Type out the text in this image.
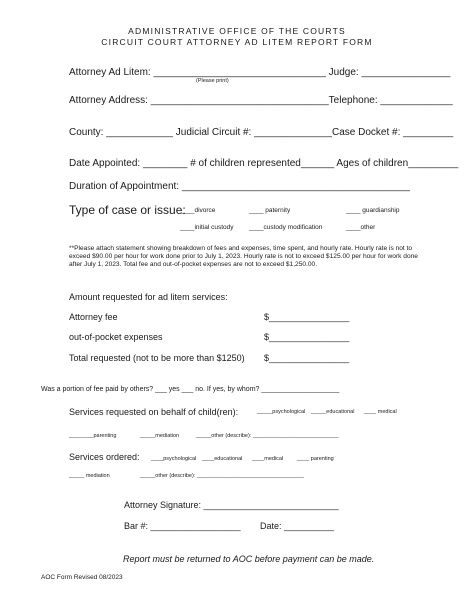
ADMINISTRATIVE OFFICE OF THE COURTS
CIRCUIT COURT ATTORNEY AD LITEM REPORT FORM
Attorney Ad Litem: _______________________________ Judge: ________________
(Please print)
Attorney Address: ________________________________Telephone: _____________
County: ____________ Judicial Circuit #: ______________Case Docket #: _________
Date Appointed: ________ # of children represented______ Ages of children_________
Duration of Appointment: _________________________________________
Type of case or issue:
____divorce	____ paternity	____ guardianship
____initial custody ____custody modification	____other
**Please attach statement showing breakdown of fees and expenses, time spent, and hourly rate. Hourly rate is not to exceed $90.00 per hour for work done prior to July 1, 2023. Hourly rate is not to exceed $125.00 per hour for work done after July 1, 2023. Total fee and out-of-pocket expenses are not to exceed $1,250.00.
Amount requested for ad litem services:
Attorney fee	$________________
out-of-pocket expenses	$________________
Total requested (not to be more than $1250) $________________
Was a portion of fee paid by others? ___ yes ___ no. If yes, by whom? ____________________
Services requested on behalf of child(ren):	_____psychological _____educational ____ medical
________parenting	_____mediation	_____other (describe): ____________________________
Services ordered: ____psychological ____educational ____medical	____ parenting
_____ mediation	_____other (describe): ___________________________________
Attorney Signature: ___________________________
Bar #: __________________ Date: __________
Report must be returned to AOC before payment can be made.
AOC Form Revised 08/2023
